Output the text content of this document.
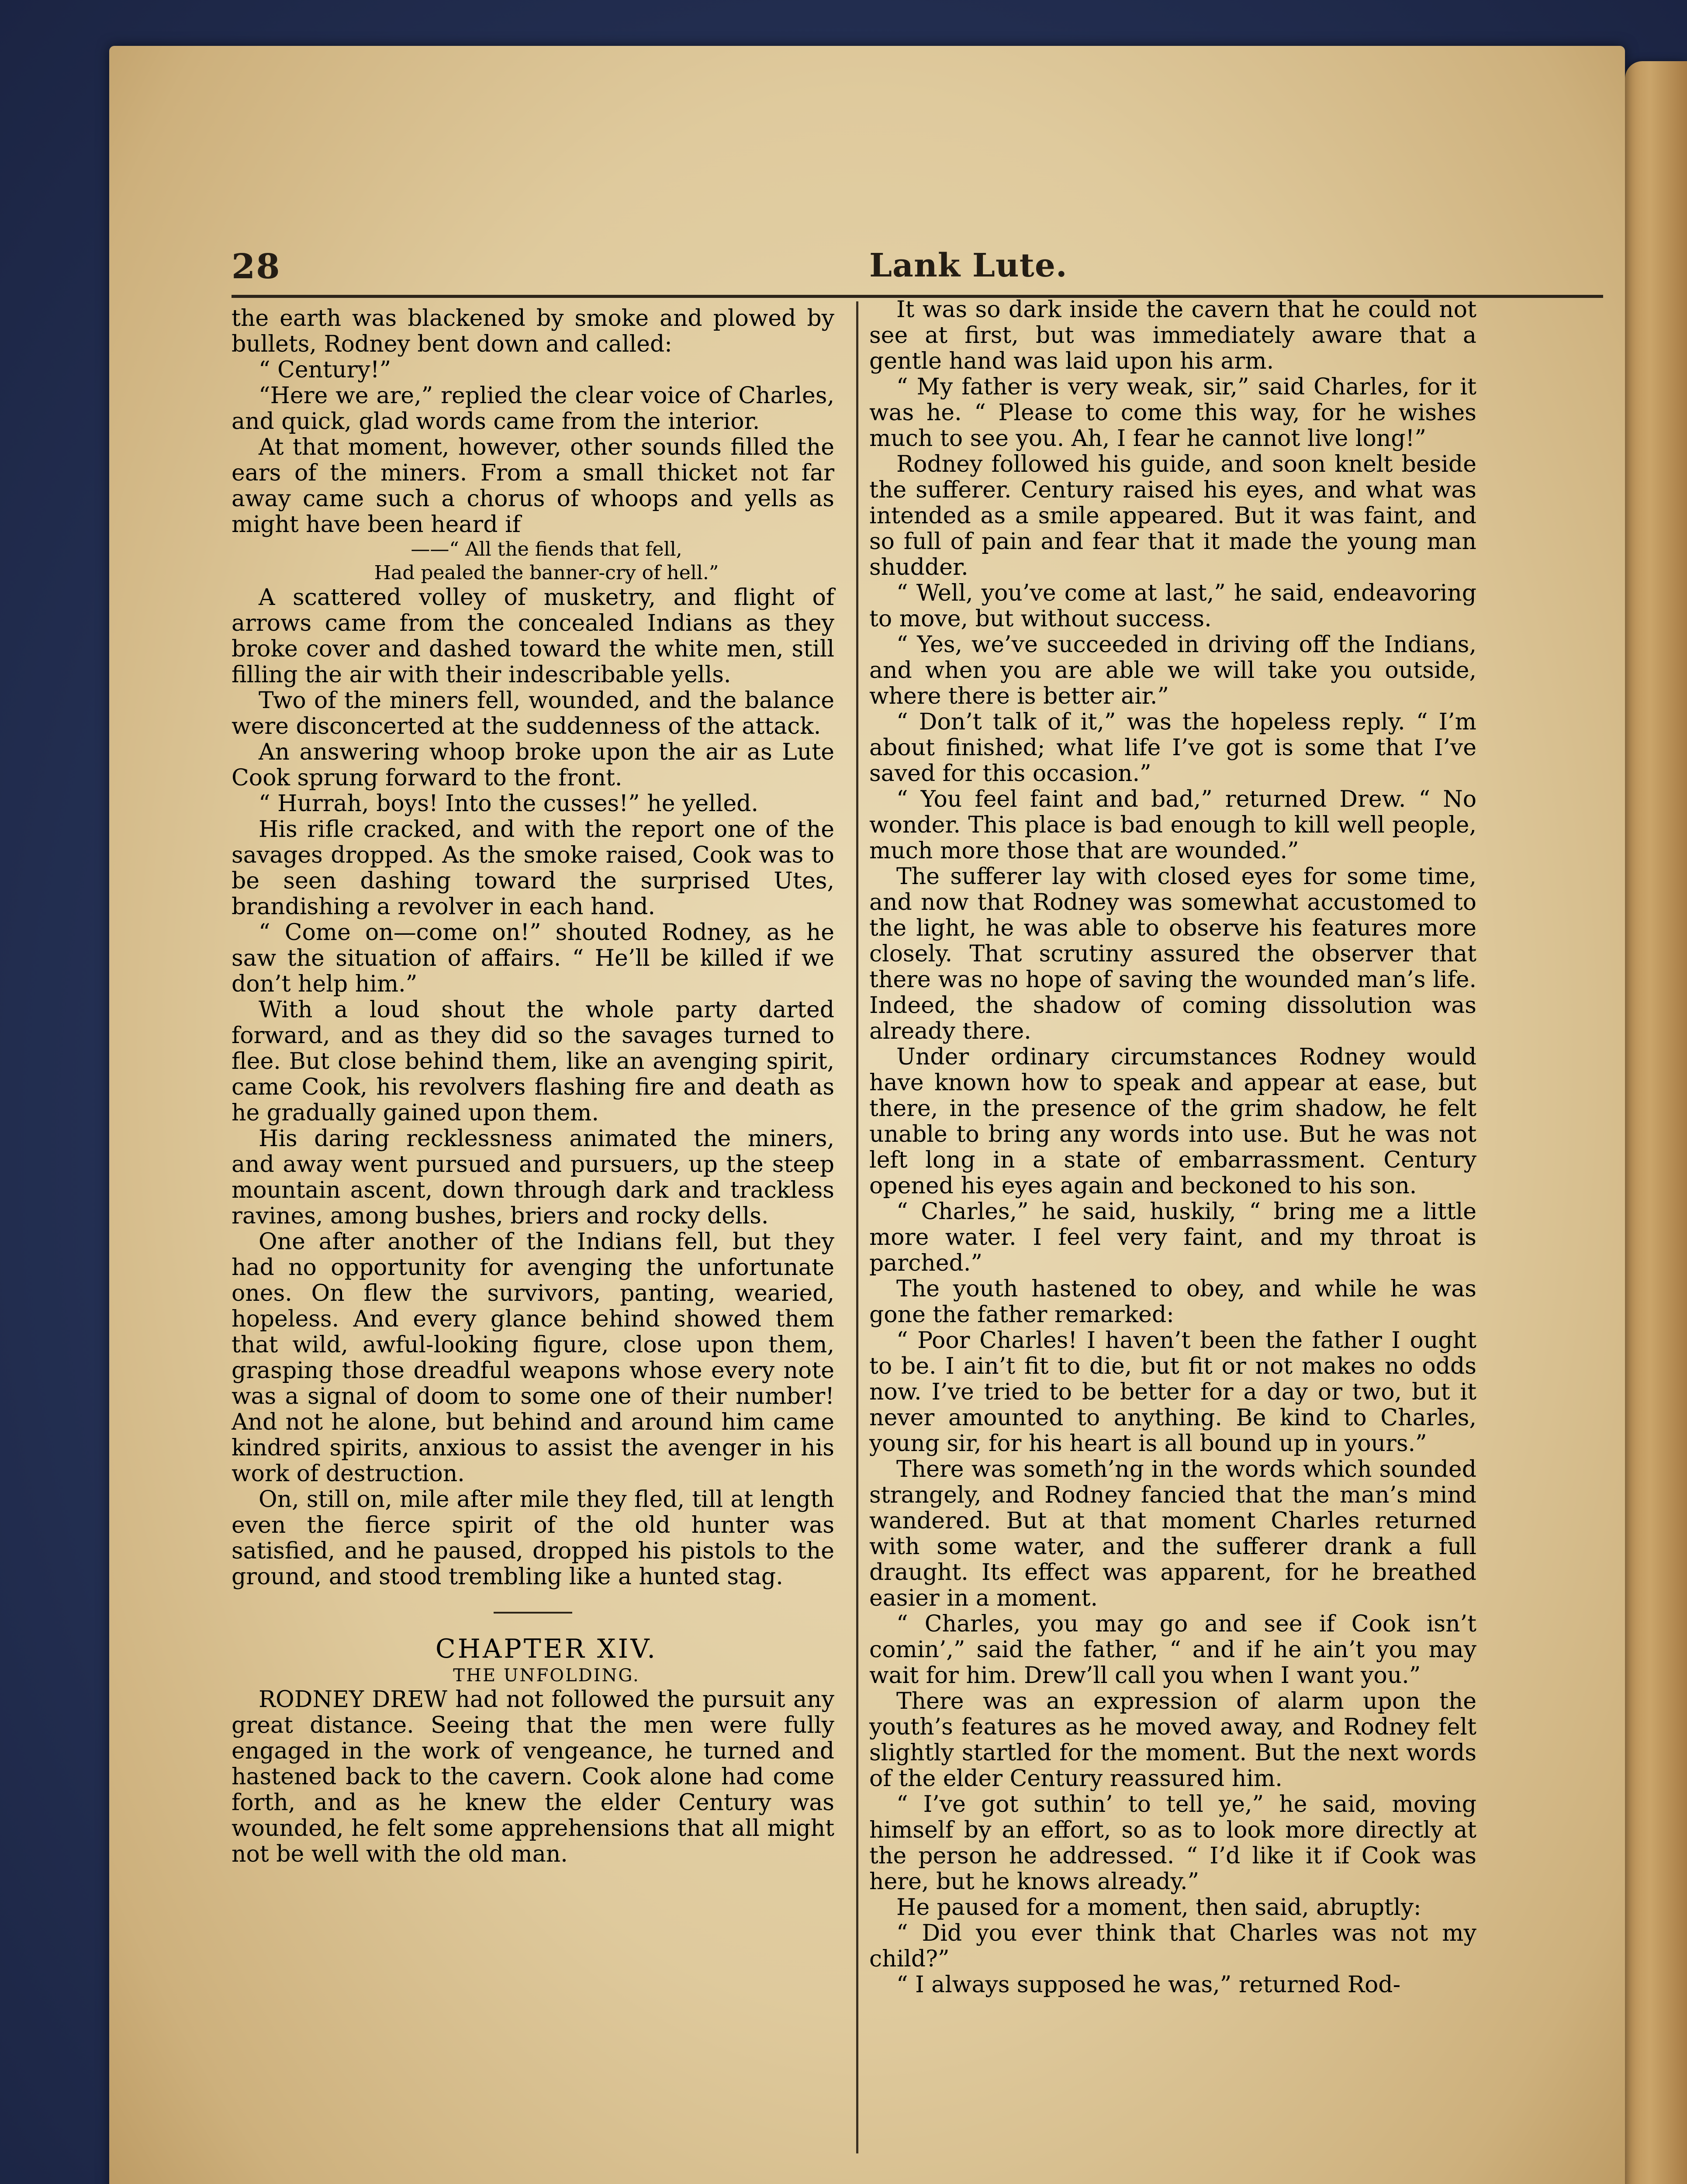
28	Lank Lute.

the earth was blackened by smoke and plowed by bullets, Rodney bent down and called:

“ Century!”

“Here we are,” replied the clear voice of Charles, and quick, glad words came from the interior.

At that moment, however, other sounds filled the ears of the miners. From a small thicket not far away came such a chorus of whoops and yells as might have been heard if

——“ All the fiends that fell,

Had pealed the banner-cry of hell.”

A scattered volley of musketry, and flight of arrows came from the concealed Indians as they broke cover and dashed toward the white men, still filling the air with their indescribable yells.

Two of the miners fell, wounded, and the balance were disconcerted at the suddenness of the attack.

An answering whoop broke upon the air as Lute Cook sprung forward to the front.

“ Hurrah, boys! Into the cusses!” he yelled.

His rifle cracked, and with the report one of the savages dropped. As the smoke raised, Cook was to be seen dashing toward the surprised Utes, brandishing a revolver in each hand.

“ Come on—come on!” shouted Rodney, as he saw the situation of affairs. “ He’ll be killed if we don’t help him.”

With a loud shout the whole party darted forward, and as they did so the savages turned to flee. But close behind them, like an avenging spirit, came Cook, his revolvers flashing fire and death as he gradually gained upon them.

His daring recklessness animated the miners, and away went pursued and pursuers, up the steep mountain ascent, down through dark and trackless ravines, among bushes, briers and rocky dells.

One after another of the Indians fell, but they had no opportunity for avenging the unfortunate ones. On flew the survivors, panting, wearied, hopeless. And every glance behind showed them that wild, awful-looking figure, close upon them, grasping those dreadful weapons whose every note was a signal of doom to some one of their number! And not he alone, but behind and around him came kindred spirits, anxious to assist the avenger in his work of destruction.

On, still on, mile after mile they fled, till at length even the fierce spirit of the old hunter was satisfied, and he paused, dropped his pistols to the ground, and stood trembling like a hunted stag.

CHAPTER XIV.

THE UNFOLDING.

RODNEY DREW had not followed the pursuit any great distance. Seeing that the men were fully engaged in the work of vengeance, he turned and hastened back to the cavern. Cook alone had come forth, and as he knew the elder Century was wounded, he felt some apprehensions that all might not be well with the old man.

It was so dark inside the cavern that he could not see at first, but was immediately aware that a gentle hand was laid upon his arm.

“ My father is very weak, sir,” said Charles, for it was he. “ Please to come this way, for he wishes much to see you. Ah, I fear he cannot live long!”

Rodney followed his guide, and soon knelt beside the sufferer. Century raised his eyes, and what was intended as a smile appeared. But it was faint, and so full of pain and fear that it made the young man shudder.

“ Well, you’ve come at last,” he said, endeavoring to move, but without success.

“ Yes, we’ve succeeded in driving off the Indians, and when you are able we will take you outside, where there is better air.”

“ Don’t talk of it,” was the hopeless reply. “ I’m about finished; what life I’ve got is some that I’ve saved for this occasion.”

“ You feel faint and bad,” returned Drew. “ No wonder. This place is bad enough to kill well people, much more those that are wounded.”

The sufferer lay with closed eyes for some time, and now that Rodney was somewhat accustomed to the light, he was able to observe his features more closely. That scrutiny assured the observer that there was no hope of saving the wounded man’s life. Indeed, the shadow of coming dissolution was already there.

Under ordinary circumstances Rodney would have known how to speak and appear at ease, but there, in the presence of the grim shadow, he felt unable to bring any words into use. But he was not left long in a state of embarrassment. Century opened his eyes again and beckoned to his son.

“ Charles,” he said, huskily, “ bring me a little more water. I feel very faint, and my throat is parched.”

The youth hastened to obey, and while he was gone the father remarked:

“ Poor Charles! I haven’t been the father I ought to be. I ain’t fit to die, but fit or not makes no odds now. I’ve tried to be better for a day or two, but it never amounted to anything. Be kind to Charles, young sir, for his heart is all bound up in yours.”

There was someth’ng in the words which sounded strangely, and Rodney fancied that the man’s mind wandered. But at that moment Charles returned with some water, and the sufferer drank a full draught. Its effect was apparent, for he breathed easier in a moment.

“ Charles, you may go and see if Cook isn’t comin’,” said the father, “ and if he ain’t you may wait for him. Drew’ll call you when I want you.”

There was an expression of alarm upon the youth’s features as he moved away, and Rodney felt slightly startled for the moment. But the next words of the elder Century reassured him.

“ I’ve got suthin’ to tell ye,” he said, moving himself by an effort, so as to look more directly at the person he addressed. “ I’d like it if Cook was here, but he knows already.”

He paused for a moment, then said, abruptly:

“ Did you ever think that Charles was not my child?”

“ I always supposed he was,” returned Rod-
